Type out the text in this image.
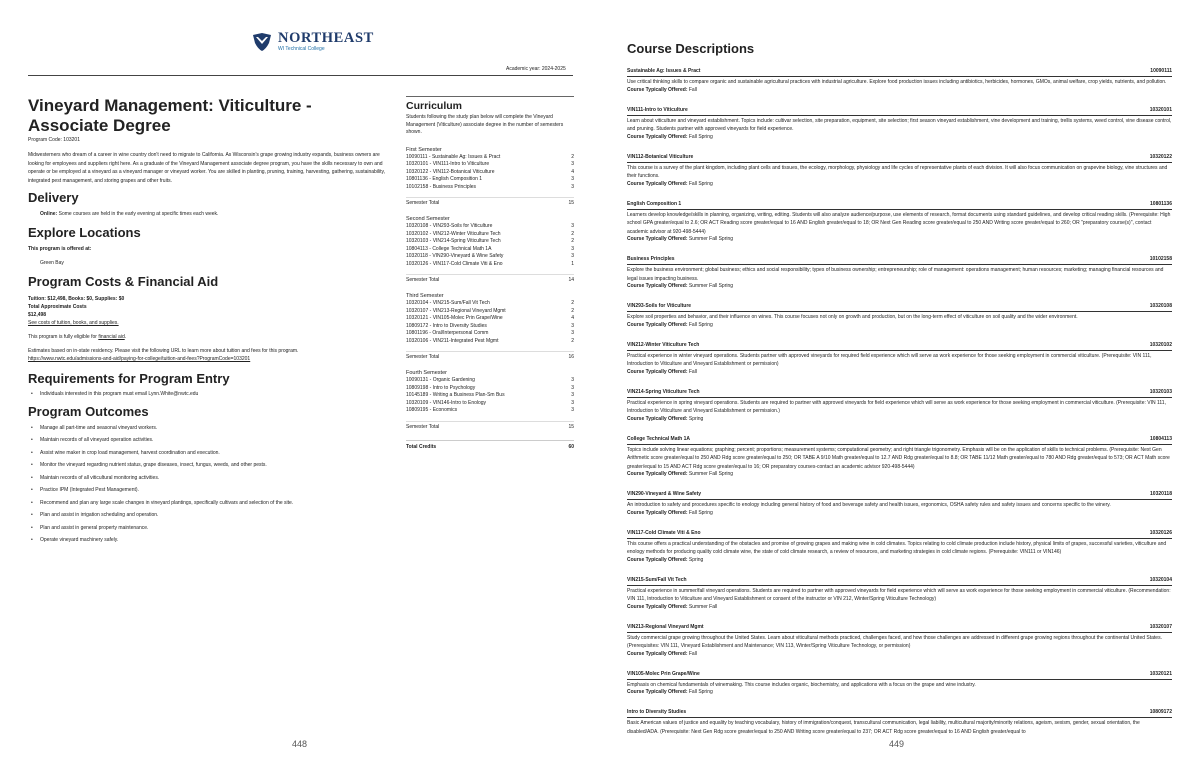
NORTHEAST
WI Technical College
Academic year: 2024-2025
Vineyard Management: Viticulture - Associate Degree
Program Code: 103201
Midwesterners who dream of a career in wine country don't need to migrate to California. As Wisconsin's grape growing industry expands, business owners are looking for employees and suppliers right here. As a graduate of the Vineyard Management associate degree program, you have the skills necessary to own and operate or be employed at a vineyard as a vineyard manager or vineyard worker. You are skilled in planting, pruning, training, harvesting, gathering, sustainability, integrated pest management, and storing grapes and other fruits.
Delivery
Online: Some courses are held in the early evening at specific times each week.
Explore Locations
This program is offered at:
Green Bay
Program Costs & Financial Aid
Tuition: $12,498, Books: $0, Supplies: $0
Total Approximate Costs
$12,498
See costs of tuition, books, and supplies.
This program is fully eligible for financial aid.
Estimates based on in-state residency. Please visit the following URL to learn more about tuition and fees for this program.
https://www.nwtc.edu/admissions-and-aid/paying-for-college/tuition-and-fees?ProgramCode=103201
Requirements for Program Entry
• Individuals interested in this program must email Lynn.White@nwtc.edu
Program Outcomes
• Manage all part-time and seasonal vineyard workers.
• Maintain records of all vineyard operation activities.
• Assist wine maker in crop load management, harvest coordination and execution.
• Monitor the vineyard regarding nutrient status, grape diseases, insect, fungus, weeds, and other pests.
• Maintain records of all viticultural monitoring activities.
• Practice IPM (Integrated Pest Management).
• Recommend and plan any large scale changes in vineyard plantings, specifically cultivars and selection of the site.
• Plan and assist in irrigation scheduling and operation.
• Plan and assist in general property maintenance.
• Operate vineyard machinery safely.
Curriculum
Students following the study plan below will complete the Vineyard Management (Viticulture) associate degree in the number of semesters shown.
First Semester
10090111 - Sustainable Ag: Issues & Pract	2
10320101 - VIN111-Intro to Viticulture	3
10320122 - VIN112-Botanical Viticulture	4
10801136 - English Composition 1	3
10102158 - Business Principles	3
Semester Total	15
Second Semester
10320108 - VIN293-Soils for Viticulture	3
10320102 - VIN212-Winter Viticulture Tech	2
10320103 - VIN214-Spring Viticulture Tech	2
10804113 - College Technical Math 1A	3
10320118 - VIN290-Vineyard & Wine Safety	3
10320126 - VIN117-Cold Climate Viti & Eno	1
Semester Total	14
Third Semester
10320104 - VIN215-Sum/Fall Vit Tech	2
10320107 - VIN213-Regional Vineyard Mgmt	2
10320121 - VIN105-Molec Prin Grape/Wine	4
10809172 - Intro to Diversity Studies	3
10801196 - Oral/Interpersonal Comm	3
10320106 - VIN211-Integrated Pest Mgmt	2
Semester Total	16
Fourth Semester
10090131 - Organic Gardening	3
10809198 - Intro to Psychology	3
10145189 - Writing a Business Plan-Sm Bus	3
10320109 - VIN146-Intro to Enology	3
10809195 - Economics	3
Semester Total	15
Total Credits	60
448
Course Descriptions
Sustainable Ag: Issues & Pract	10090111
Use critical thinking skills to compare organic and sustainable agricultural practices with industrial agriculture. Explore food production issues including antibiotics, herbicides, hormones, GMOs, animal welfare, crop yields, nutrients, and pollution.
Course Typically Offered: Fall
VIN111-Intro to Viticulture	10320101
Learn about viticulture and vineyard establishment. Topics include: cultivar selection, site preparation, equipment, site selection; first season vineyard establishment, vine development and training, trellis systems, weed control, vine disease control, and pruning. Students partner with approved vineyards for field experience.
Course Typically Offered: Fall Spring
VIN112-Botanical Viticulture	10320122
This course is a survey of the plant kingdom, including plant cells and tissues, the ecology, morphology, physiology and life cycles of representative plants of each division. It will also focus communication on grapevine biology, vine structures and their functions.
Course Typically Offered: Fall Spring
English Composition 1	10801136
Learners develop knowledge/skills in planning, organizing, writing, editing. Students will also analyze audience/purpose, use elements of research, format documents using standard guidelines, and develop critical reading skills. (Prerequisite: High school GPA greater/equal to 2.6; OR ACT Reading score greater/equal to 16 AND English greater/equal to 18; OR Next Gen Reading score greater/equal to 250 AND Writing score greater/equal to 260; OR "preparatory course(s)", contact academic advisor at 920-498-5444)
Course Typically Offered: Summer Fall Spring
Business Principles	10102158
Explore the business environment; global business; ethics and social responsibility; types of business ownership; entrepreneurship; role of management: operations management; human resources; marketing; managing financial resources and legal issues impacting business.
Course Typically Offered: Summer Fall Spring
VIN293-Soils for Viticulture	10320108
Explore soil properties and behavior, and their influence on wines. This course focuses not only on growth and production, but on the long-term effect of viticulture on soil quality and the wider environment.
Course Typically Offered: Fall Spring
VIN212-Winter Viticulture Tech	10320102
Practical experience in winter vineyard operations. Students partner with approved vineyards for required field experience which will serve as work experience for those seeking employment in commercial viticulture. (Prerequisite: VIN 111, Introduction to Viticulture and Vineyard Establishment or permission)
Course Typically Offered: Fall
VIN214-Spring Viticulture Tech	10320103
Practical experience in spring vineyard operations. Students are required to partner with approved vineyards for field experience which will serve as work experience for those seeking employment in commercial viticulture. (Prerequisite: VIN 111, Introduction to Viticulture and Vineyard Establishment or permission.)
Course Typically Offered: Spring
College Technical Math 1A	10804113
Topics include solving linear equations; graphing; percent; proportions; measurement systems; computational geometry; and right triangle trigonometry. Emphasis will be on the application of skills to technical problems. (Prerequisite: Next Gen Arithmetic score greater/equal to 250 AND Rdg score greater/equal to 250; OR TABE A 9/10 Math greater/equal to 12.7 AND Rdg greater/equal to 8.8; OR TABE 11/12 Math greater/equal to 780 AND Rdg greater/equal to 573; OR ACT Math score greater/equal to 15 AND ACT Rdg score greater/equal to 16; OR preparatory courses-contact an academic advisor 920-498-5444)
Course Typically Offered: Summer Fall Spring
VIN290-Vineyard & Wine Safety	10320118
An introduction to safety and procedures specific to enology including general history of food and beverage safety and health issues, ergonomics, OSHA safety rules and safety issues and concerns specific to the winery.
Course Typically Offered: Fall Spring
VIN117-Cold Climate Viti & Eno	10320126
This course offers a practical understanding of the obstacles and promise of growing grapes and making wine in cold climates. Topics relating to cold climate production include history, physical limits of grapes, successful varieties, viticulture and enology methods for producing quality cold climate wine, the state of cold climate research, a review of resources, and marketing strategies in cold climate regions. (Prerequisite: VIN111 or VIN146)
Course Typically Offered: Spring
VIN215-Sum/Fall Vit Tech	10320104
Practical experience in summer/fall vineyard operations. Students are required to partner with approved vineyards for field experience which will serve as work experience for those seeking employment in commercial viticulture. (Recommendation: VIN 111, Introduction to Viticulture and Vineyard Establishment or consent of the instructor or VIN 212, Winter/Spring Viticulture Technology)
Course Typically Offered: Summer Fall
VIN213-Regional Vineyard Mgmt	10320107
Study commercial grape growing throughout the United States. Learn about viticultural methods practiced, challenges faced, and how those challenges are addressed in different grape growing regions throughout the continental United States. (Prerequisites: VIN 111, Vineyard Establishment and Maintenance; VIN 113, Winter/Spring Viticulture Technology, or permission)
Course Typically Offered: Fall
VIN105-Molec Prin Grape/Wine	10320121
Emphasis on chemical fundamentals of winemaking. This course includes organic, biochemistry, and applications with a focus on the grape and wine industry.
Course Typically Offered: Fall Spring
Intro to Diversity Studies	10809172
Basic American values of justice and equality by teaching vocabulary, history of immigration/conquest, transcultural communication, legal liability, multicultural majority/minority relations, ageism, sexism, gender, sexual orientation, the disabled/ADA. (Prerequisite: Next Gen Rdg score greater/equal to 250 AND Writing score greater/equal to 237; OR ACT Rdg score greater/equal to 16 AND English greater/equal to
449
